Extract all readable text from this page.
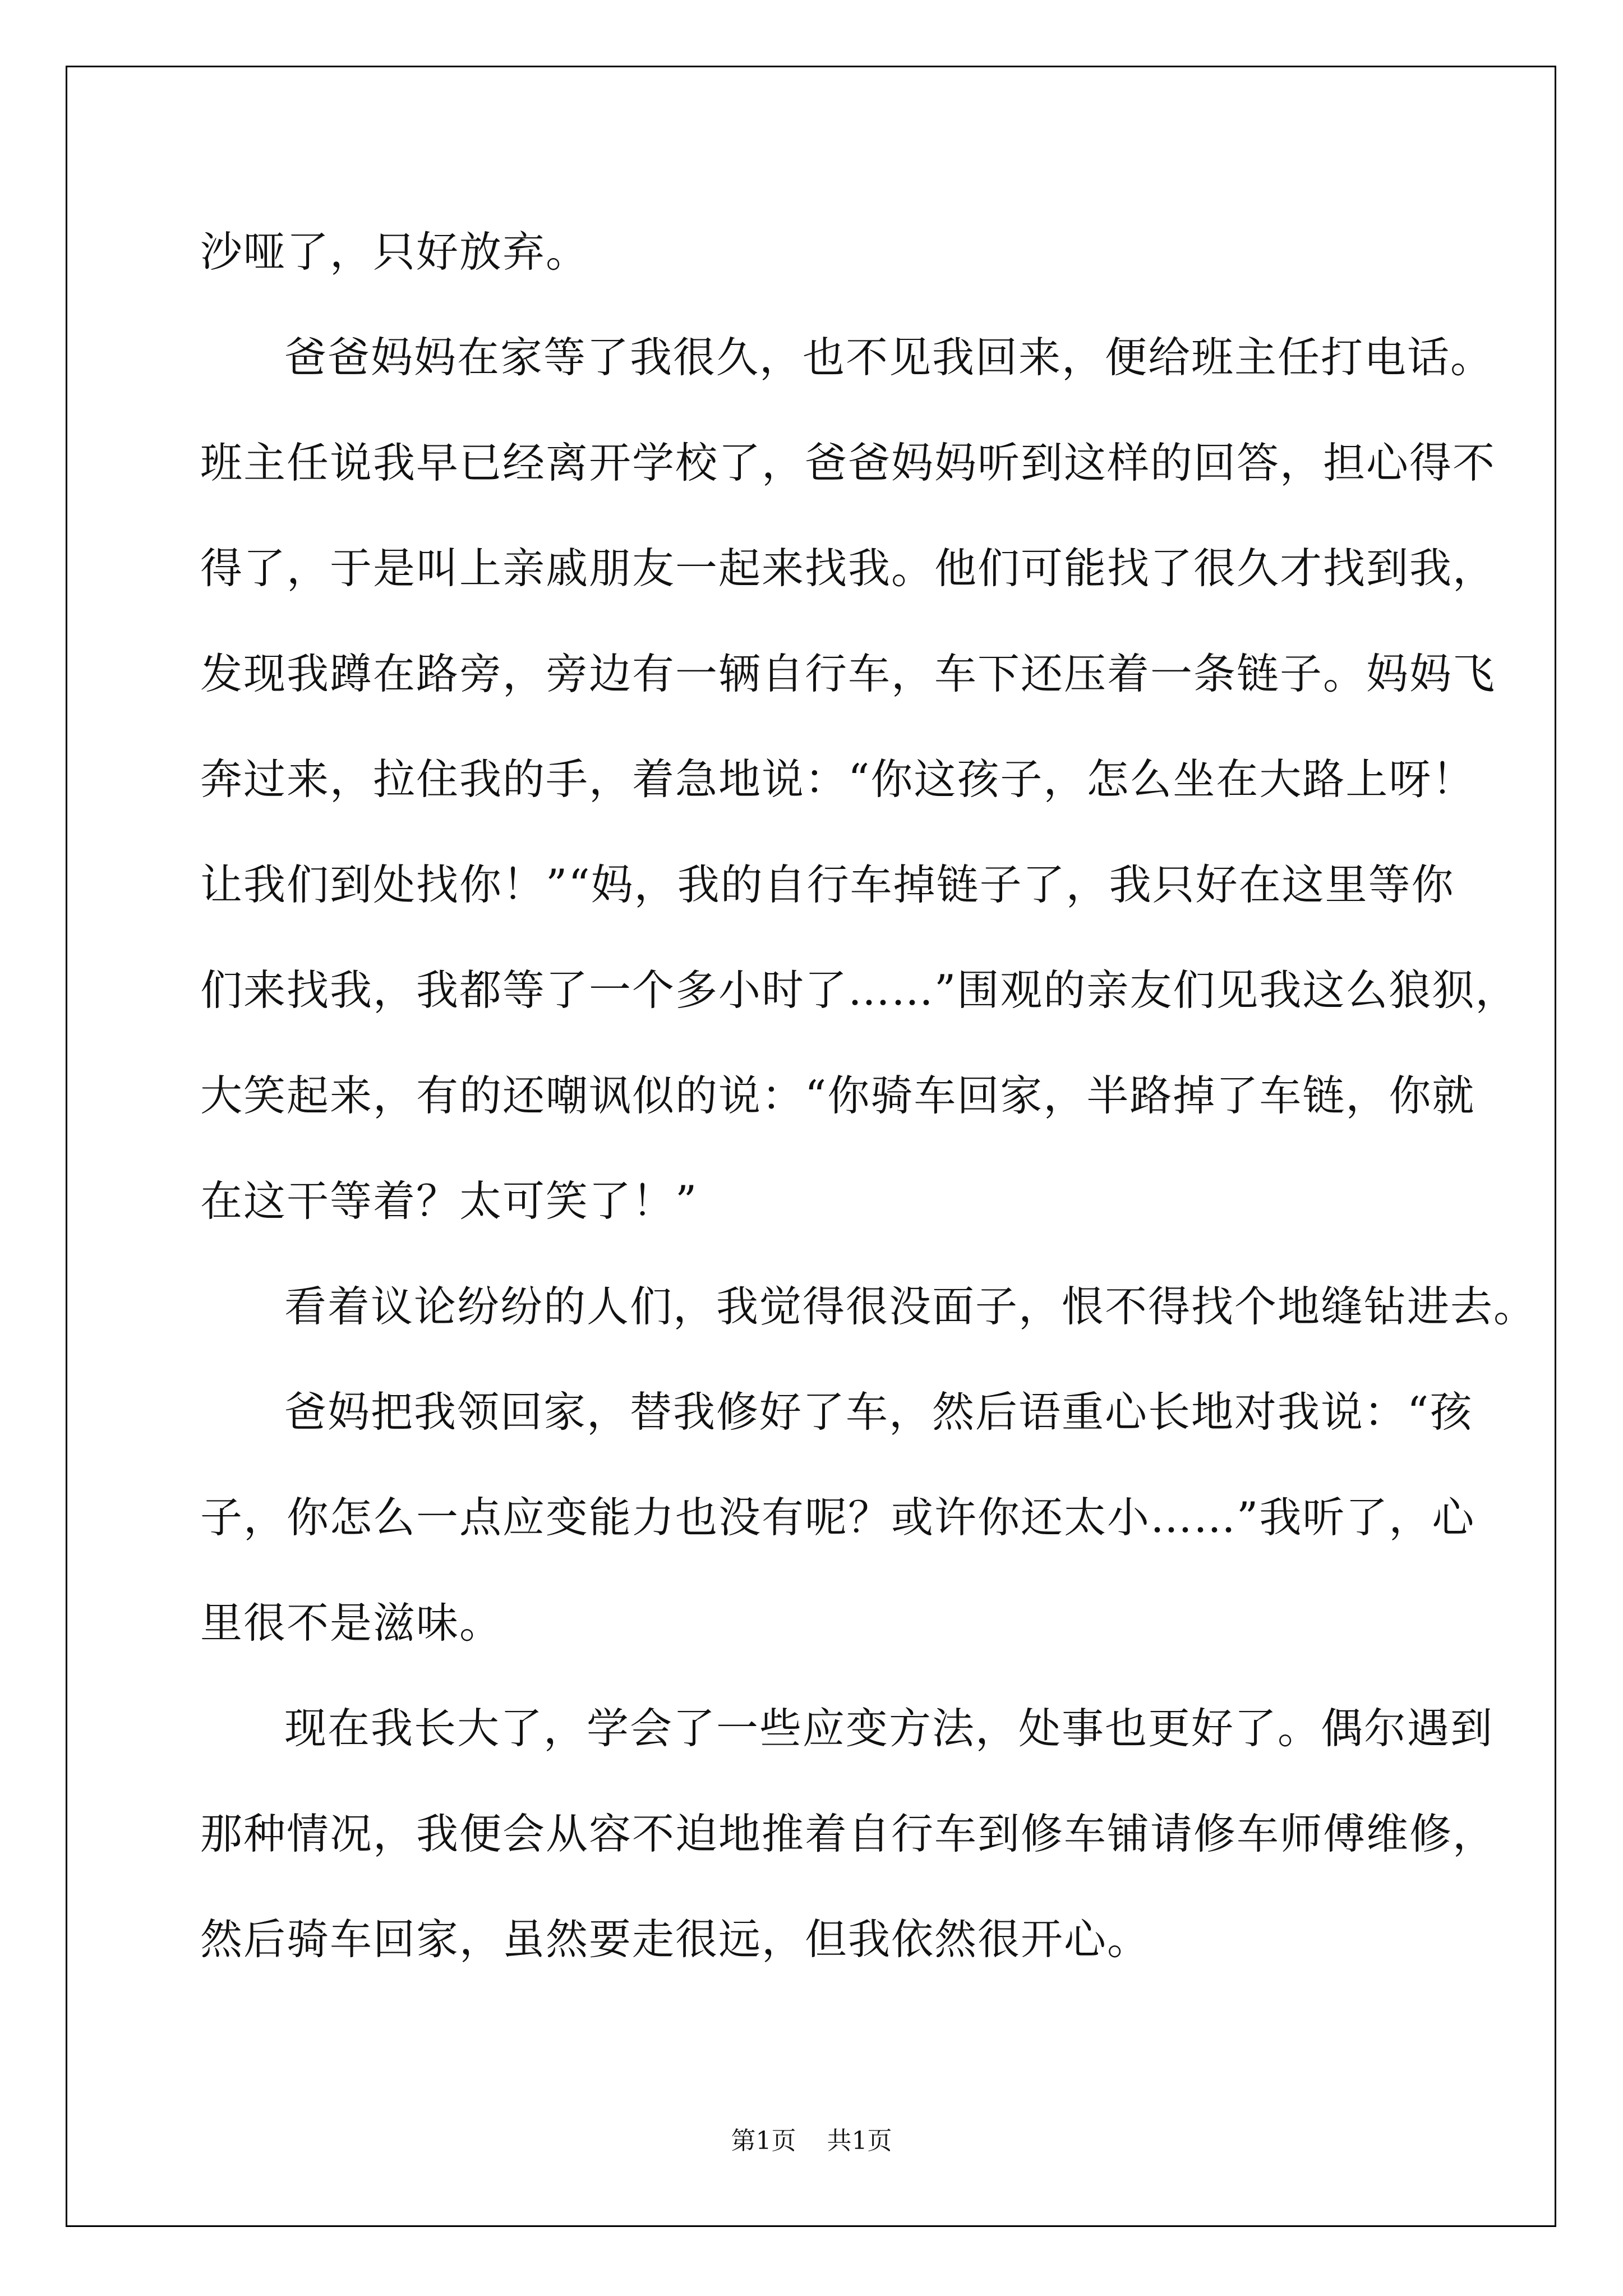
沙哑了，只好放弃。
爸爸妈妈在家等了我很久，也不见我回来，便给班主任打电话。
班主任说我早已经离开学校了，爸爸妈妈听到这样的回答，担心得不
得了，于是叫上亲戚朋友一起来找我。他们可能找了很久才找到我，
发现我蹲在路旁，旁边有一辆自行车，车下还压着一条链子。妈妈飞
奔过来，拉住我的手，着急地说：“你这孩子，怎么坐在大路上呀！
让我们到处找你！”“妈，我的自行车掉链子了，我只好在这里等你
们来找我，我都等了一个多小时了……”围观的亲友们见我这么狼狈，
大笑起来，有的还嘲讽似的说：“你骑车回家，半路掉了车链，你就
在这干等着？太可笑了！”
看着议论纷纷的人们，我觉得很没面子，恨不得找个地缝钻进去。
爸妈把我领回家，替我修好了车，然后语重心长地对我说：“孩
子，你怎么一点应变能力也没有呢？或许你还太小……”我听了，心
里很不是滋味。
现在我长大了，学会了一些应变方法，处事也更好了。偶尔遇到
那种情况，我便会从容不迫地推着自行车到修车铺请修车师傅维修，
然后骑车回家，虽然要走很远，但我依然很开心。
第1页 共1页
